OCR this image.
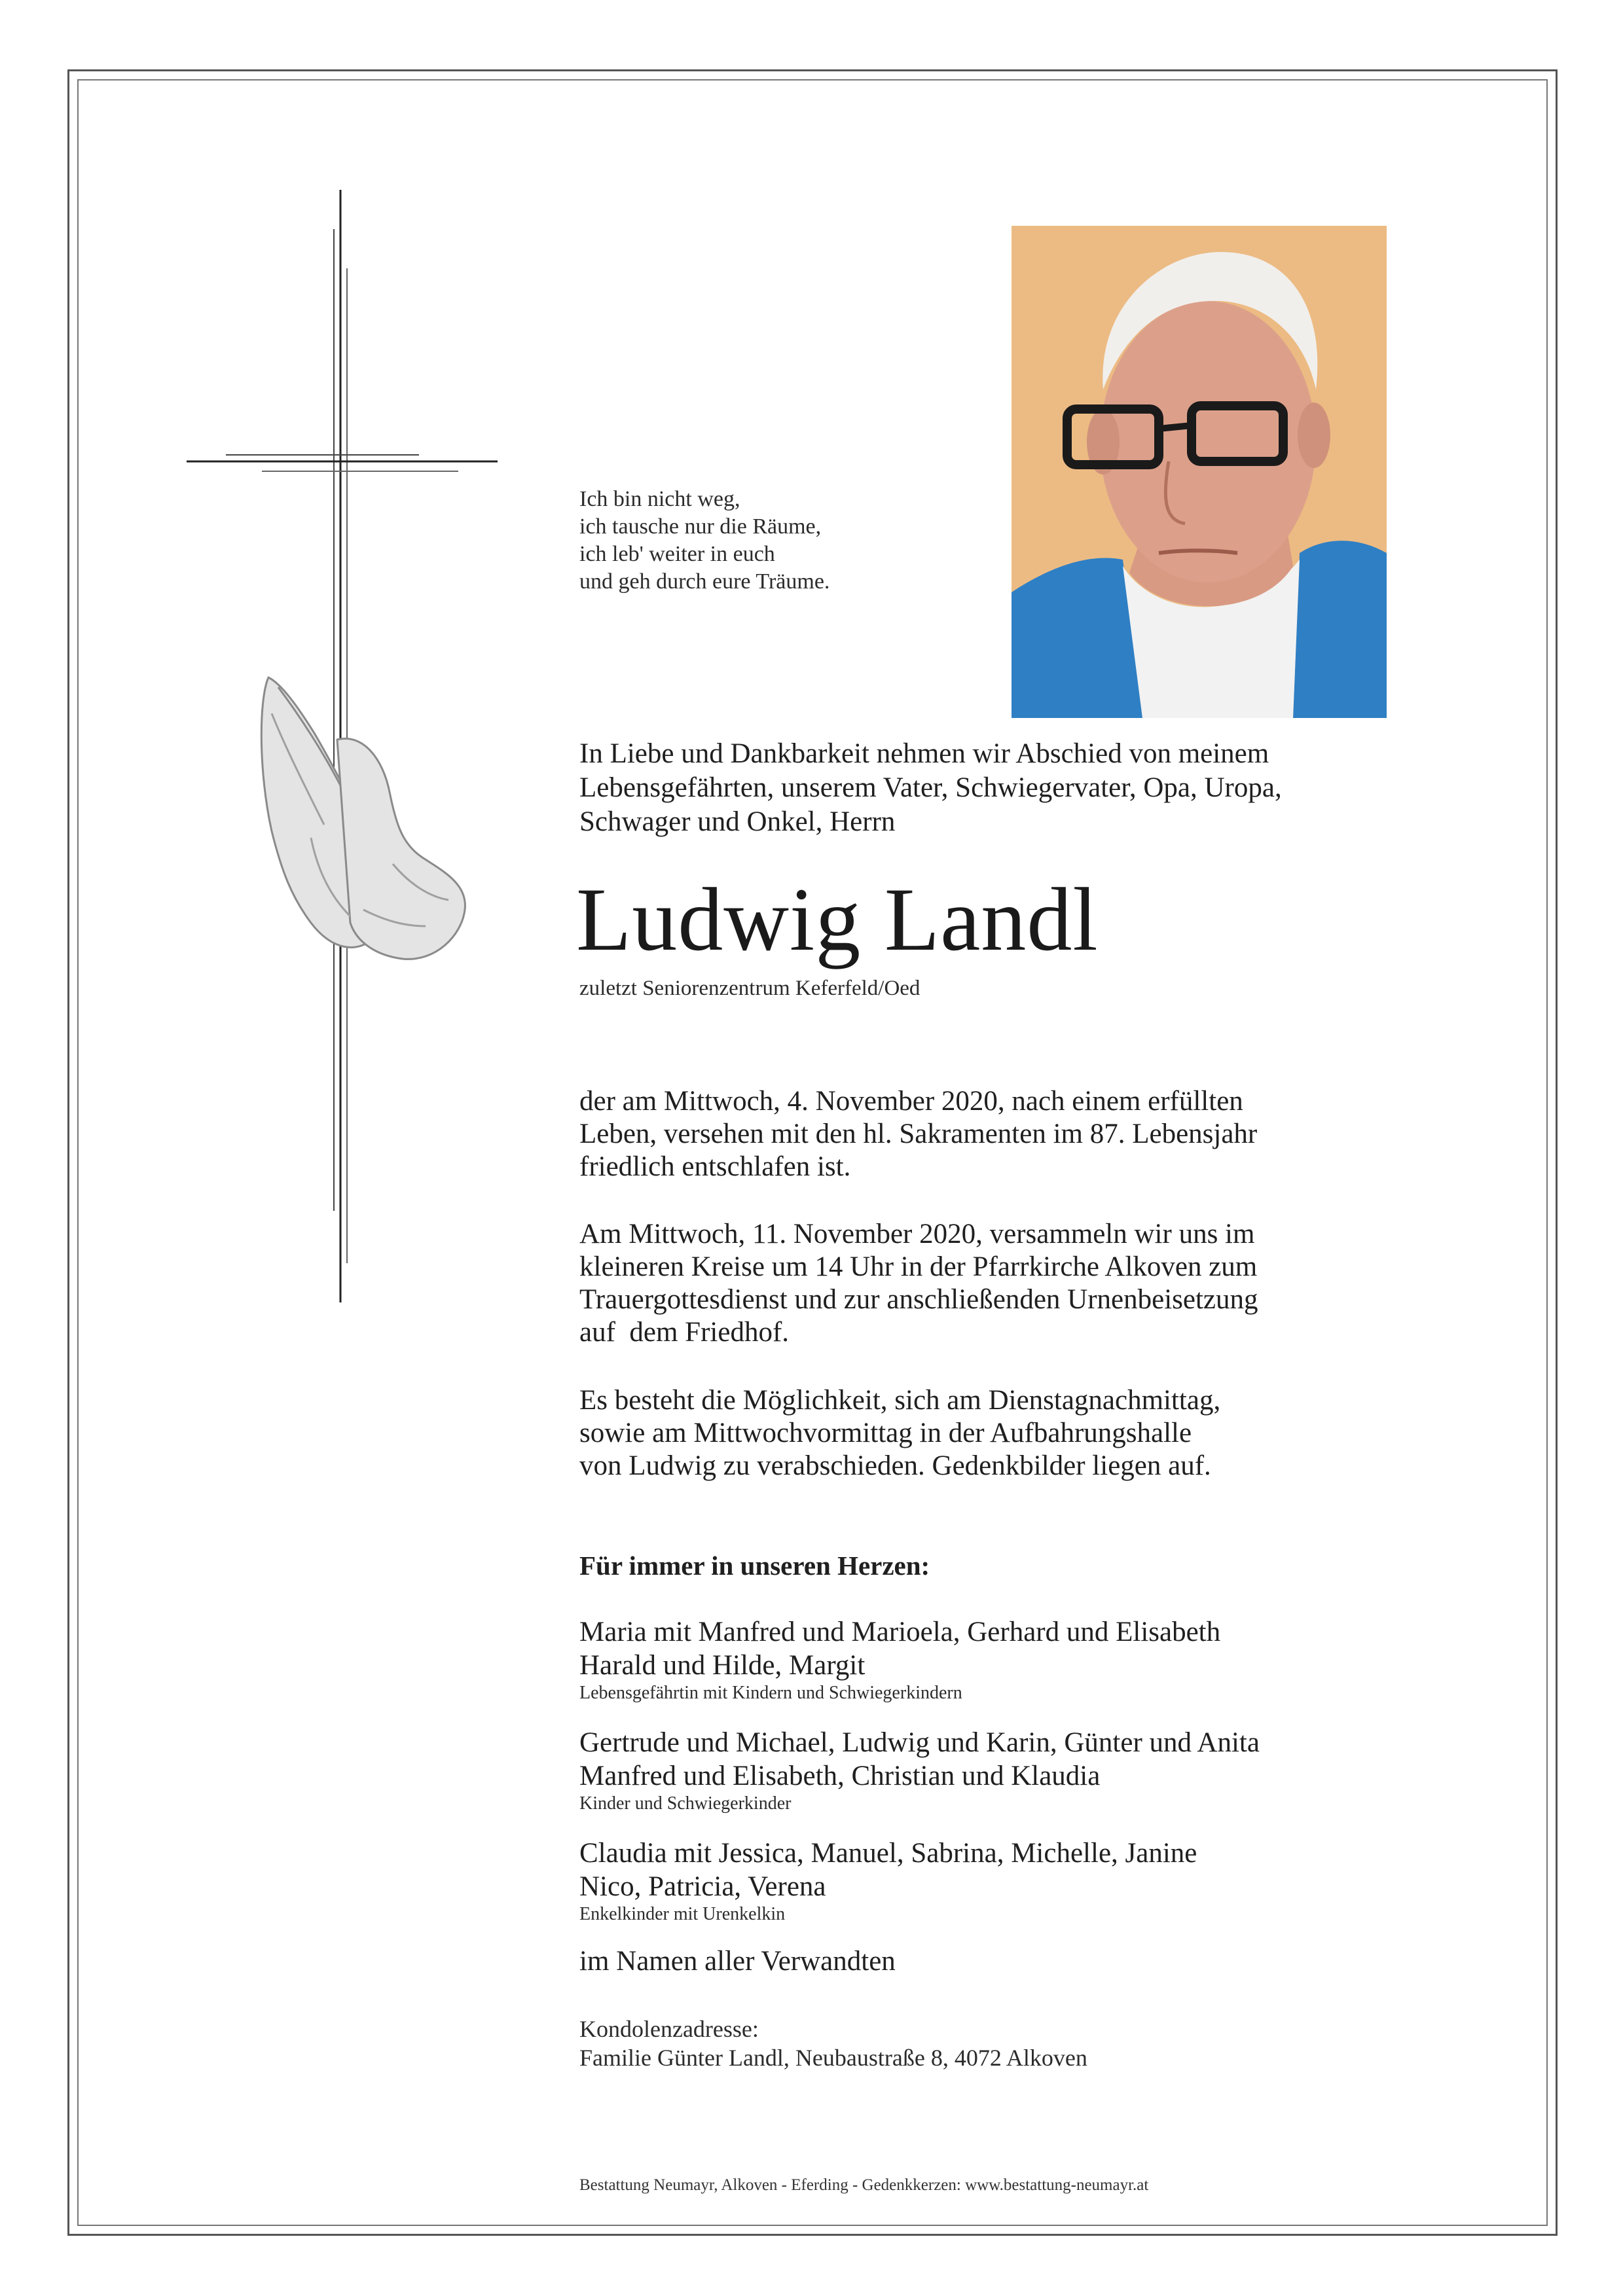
Ich bin nicht weg,
ich tausche nur die Räume,
ich leb' weiter in euch
und geh durch eure Träume.
In Liebe und Dankbarkeit nehmen wir Abschied von meinem
Lebensgefährten, unserem Vater, Schwiegervater, Opa, Uropa,
Schwager und Onkel, Herrn
Ludwig Landl
zuletzt Seniorenzentrum Keferfeld/Oed
der am Mittwoch, 4. November 2020, nach einem erfüllten
Leben, versehen mit den hl. Sakramenten im 87. Lebensjahr
friedlich entschlafen ist.
Am Mittwoch, 11. November 2020, versammeln wir uns im
kleineren Kreise um 14 Uhr in der Pfarrkirche Alkoven zum
Trauergottesdienst und zur anschließenden Urnenbeisetzung
auf  dem Friedhof.
Es besteht die Möglichkeit, sich am Dienstagnachmittag,
sowie am Mittwochvormittag in der Aufbahrungshalle
von Ludwig zu verabschieden. Gedenkbilder liegen auf.
Für immer in unseren Herzen:
Maria mit Manfred und Marioela, Gerhard und Elisabeth
Harald und Hilde, Margit
Lebensgefährtin mit Kindern und Schwiegerkindern
Gertrude und Michael, Ludwig und Karin, Günter und Anita
Manfred und Elisabeth, Christian und Klaudia
Kinder und Schwiegerkinder
Claudia mit Jessica, Manuel, Sabrina, Michelle, Janine
Nico, Patricia, Verena
Enkelkinder mit Urenkelkin
im Namen aller Verwandten
Kondolenzadresse:
Familie Günter Landl, Neubaustraße 8, 4072 Alkoven
Bestattung Neumayr, Alkoven - Eferding - Gedenkkerzen: www.bestattung-neumayr.at
